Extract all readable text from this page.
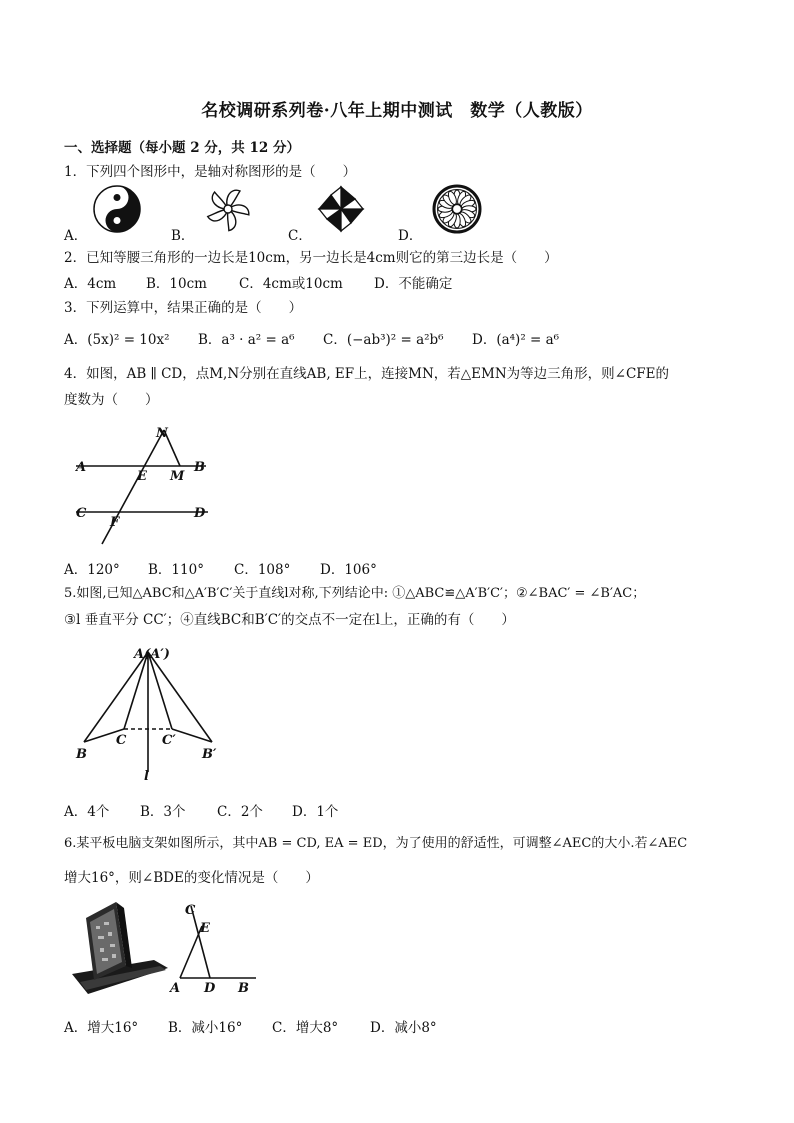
名校调研系列卷·八年上期中测试　数学（人教版）
一、选择题（每小题 2 分，共 12 分）
1．下列四个图形中，是轴对称图形的是（　　）
A．	B．	C．	D．
2．已知等腰三角形的一边长是10cm，另一边长是4cm则它的第三边长是（　　）
A．4cm B．10cm C．4cm或10cm D．不能确定
3．下列运算中，结果正确的是（　　）
A．(5x)² = 10x² B．a³ · a² = a⁶ C．(−ab³)² = a²b⁶ D．(a⁴)² = a⁶
4．如图，AB ∥ CD，点M,N分别在直线AB, EF上，连接MN，若△EMN为等边三角形，则∠CFE的
度数为（　　）
N
A
E M
B
C
F
D
A．120° B．110° C．108° D．106°
5.如图,已知△ABC和△A′B′C′关于直线l对称,下列结论中: ①△ABC≌△A′B′C′；②∠BAC′ = ∠B′AC；
③l 垂直平分 CC′；④直线BC和B′C′的交点不一定在l上，正确的有（　　）
A(A′)
B
C	C′
B′
l
A．4个 B．3个 C．2个 D．1个
6.某平板电脑支架如图所示，其中AB = CD, EA = ED，为了使用的舒适性，可调整∠AEC的大小.若∠AEC
增大16°，则∠BDE的变化情况是（　　）
C
E
A D B
A．增大16° B．减小16° C．增大8° D．减小8°
